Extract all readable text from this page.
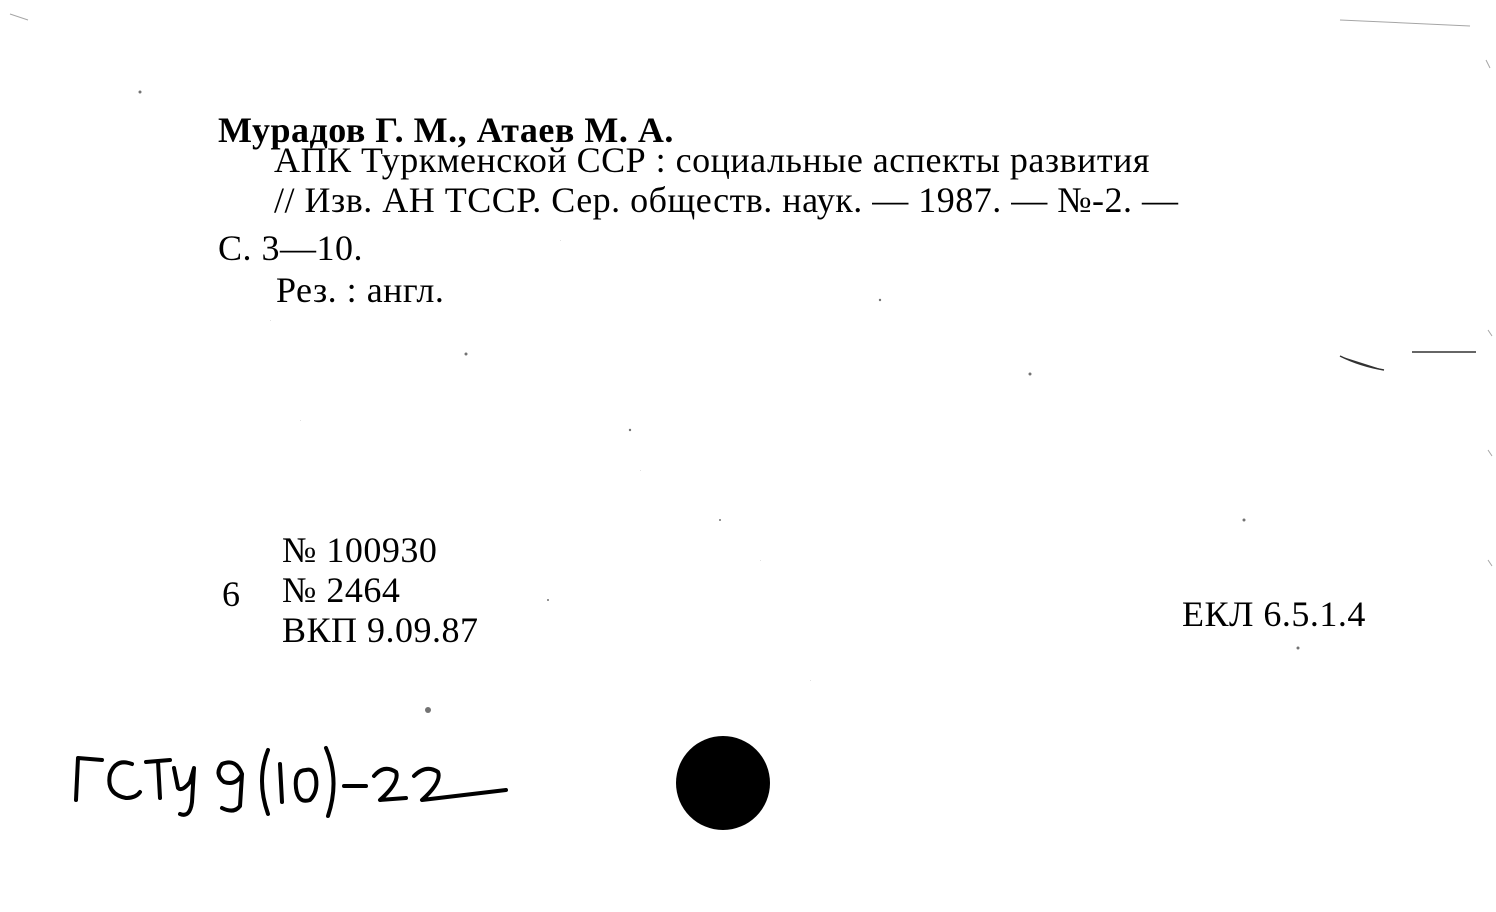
Мурадов Г. М., Атаев М. А.
АПК Туркменской ССР : социальные аспекты развития
// Изв. АН ТССР. Сер. обществ. наук. — 1987. — №-2. —
С. 3—10.
Рез. : англ.
№ 100930
6 № 2464
ВКП 9.09.87	ЕКЛ 6.5.1.4
